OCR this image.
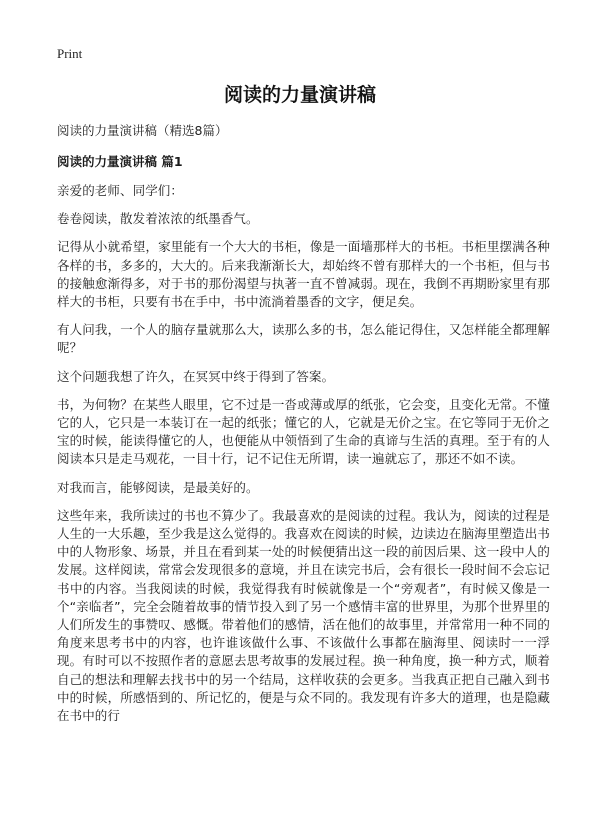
Print
阅读的力量演讲稿

阅读的力量演讲稿（精选8篇）

阅读的力量演讲稿 篇1

亲爱的老师、同学们：

卷卷阅读，散发着浓浓的纸墨香气。

记得从小就希望，家里能有一个大大的书柜，像是一面墙那样大的书柜。书柜里摆满各种各样的书，多多的，大大的。后来我渐渐长大，却始终不曾有那样大的一个书柜，但与书的接触愈渐得多，对于书的那份渴望与执著一直不曾减弱。现在，我倒不再期盼家里有那样大的书柜，只要有书在手中，书中流淌着墨香的文字，便足矣。

有人问我，一个人的脑存量就那么大，读那么多的书，怎么能记得住，又怎样能全都理解呢？

这个问题我想了许久，在冥冥中终于得到了答案。

书，为何物？在某些人眼里，它不过是一沓或薄或厚的纸张，它会变，且变化无常。不懂它的人，它只是一本装订在一起的纸张；懂它的人，它就是无价之宝。在它等同于无价之宝的时候，能读得懂它的人，也便能从中领悟到了生命的真谛与生活的真理。至于有的人阅读本只是走马观花，一目十行，记不记住无所谓，读一遍就忘了，那还不如不读。

对我而言，能够阅读，是最美好的。

这些年来，我所读过的书也不算少了。我最喜欢的是阅读的过程。我认为，阅读的过程是人生的一大乐趣，至少我是这么觉得的。我喜欢在阅读的时候，边读边在脑海里塑造出书中的人物形象、场景，并且在看到某一处的时候便猜出这一段的前因后果、这一段中人的发展。这样阅读，常常会发现很多的意境，并且在读完书后，会有很长一段时间不会忘记书中的内容。当我阅读的时候，我觉得我有时候就像是一个“旁观者”，有时候又像是一个“亲临者”，完全会随着故事的情节投入到了另一个感情丰富的世界里，为那个世界里的人们所发生的事赞叹、感慨。带着他们的感情，活在他们的故事里，并常常用一种不同的角度来思考书中的内容，也许谁该做什么事、不该做什么事都在脑海里、阅读时一一浮现。有时可以不按照作者的意愿去思考故事的发展过程。换一种角度，换一种方式，顺着自己的想法和理解去找书中的另一个结局，这样收获的会更多。当我真正把自己融入到书中的时候，所感悟到的、所记忆的，便是与众不同的。我发现有许多大的道理，也是隐藏在书中的行
